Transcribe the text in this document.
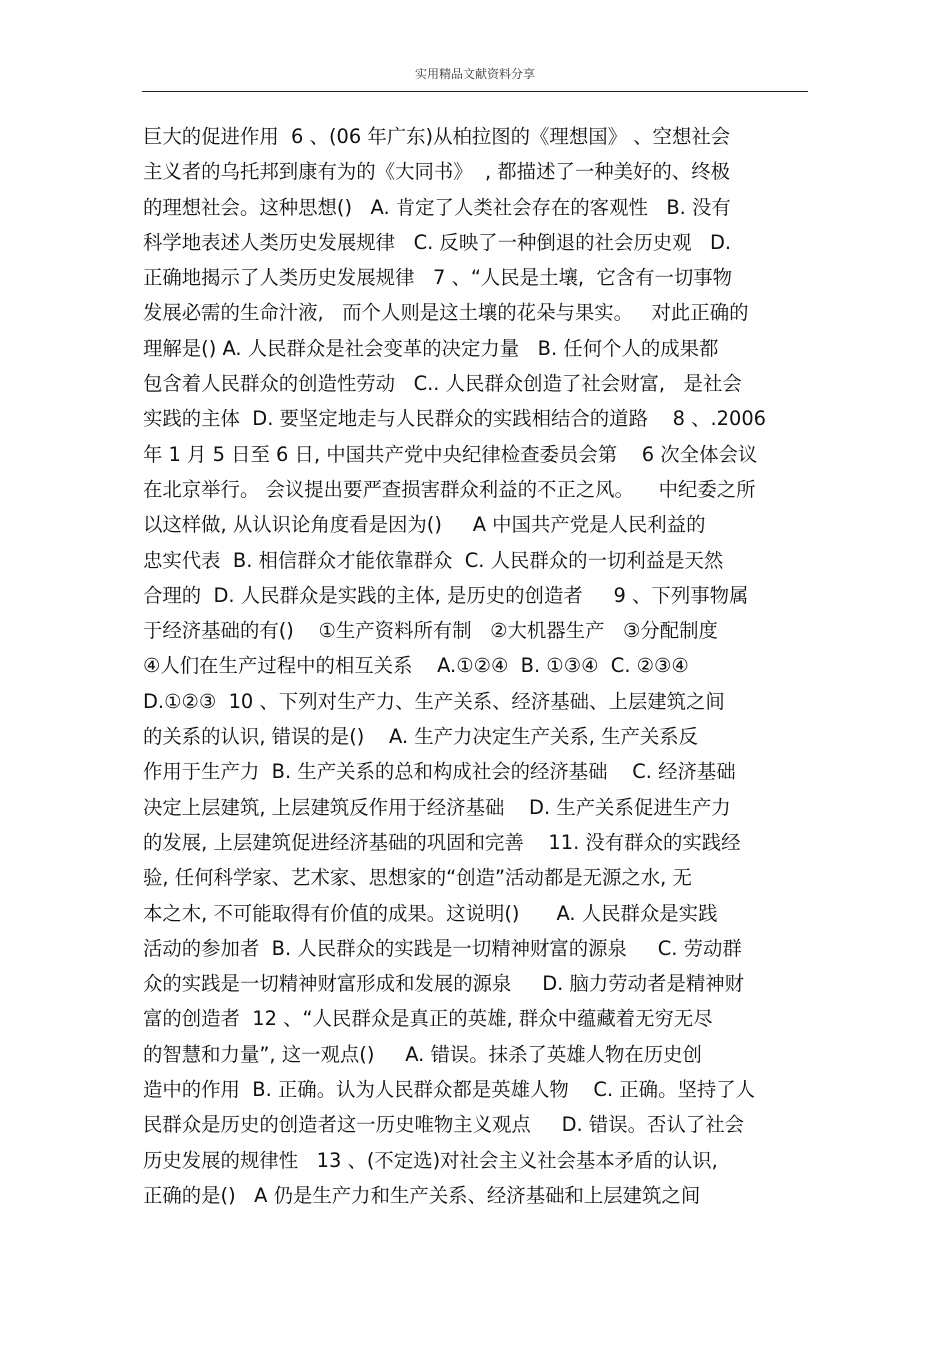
实用精品文献资料分享
巨大的促进作用  6 、(06 年广东)从柏拉图的《理想国》 、空想社会
主义者的乌托邦到康有为的《大同书》  , 都描述了一种美好的、终极
的理想社会。这种思想()   A. 肯定了人类社会存在的客观性   B. 没有
科学地表述人类历史发展规律   C. 反映了一种倒退的社会历史观   D.
正确地揭示了人类历史发展规律   7 、“人民是土壤,  它含有一切事物
发展必需的生命汁液,   而个人则是这土壤的花朵与果实。   对此正确的
理解是() A. 人民群众是社会变革的决定力量   B. 任何个人的成果都
包含着人民群众的创造性劳动   C.. 人民群众创造了社会财富,   是社会
实践的主体  D. 要坚定地走与人民群众的实践相结合的道路    8 、.2006
年 1 月 5 日至 6 日, 中国共产党中央纪律检查委员会第    6 次全体会议
在北京举行。 会议提出要严查损害群众利益的不正之风。    中纪委之所
以这样做, 从认识论角度看是因为()     A 中国共产党是人民利益的
忠实代表  B. 相信群众才能依靠群众  C. 人民群众的一切利益是天然
合理的  D. 人民群众是实践的主体, 是历史的创造者     9 、下列事物属
于经济基础的有()    ①生产资料所有制   ②大机器生产   ③分配制度
④人们在生产过程中的相互关系    A.①②④  B. ①③④  C. ②③④
D.①②③  10 、下列对生产力、生产关系、经济基础、上层建筑之间
的关系的认识, 错误的是()    A. 生产力决定生产关系, 生产关系反
作用于生产力  B. 生产关系的总和构成社会的经济基础    C. 经济基础
决定上层建筑, 上层建筑反作用于经济基础    D. 生产关系促进生产力
的发展, 上层建筑促进经济基础的巩固和完善    11. 没有群众的实践经
验, 任何科学家、艺术家、思想家的“创造”活动都是无源之水, 无
本之木, 不可能取得有价值的成果。这说明()      A. 人民群众是实践
活动的参加者  B. 人民群众的实践是一切精神财富的源泉     C. 劳动群
众的实践是一切精神财富形成和发展的源泉     D. 脑力劳动者是精神财
富的创造者  12 、“人民群众是真正的英雄, 群众中蕴藏着无穷无尽
的智慧和力量”, 这一观点()     A. 错误。抹杀了英雄人物在历史创
造中的作用  B. 正确。认为人民群众都是英雄人物    C. 正确。坚持了人
民群众是历史的创造者这一历史唯物主义观点     D. 错误。否认了社会
历史发展的规律性   13 、(不定选)对社会主义社会基本矛盾的认识,
正确的是()   A 仍是生产力和生产关系、经济基础和上层建筑之间
